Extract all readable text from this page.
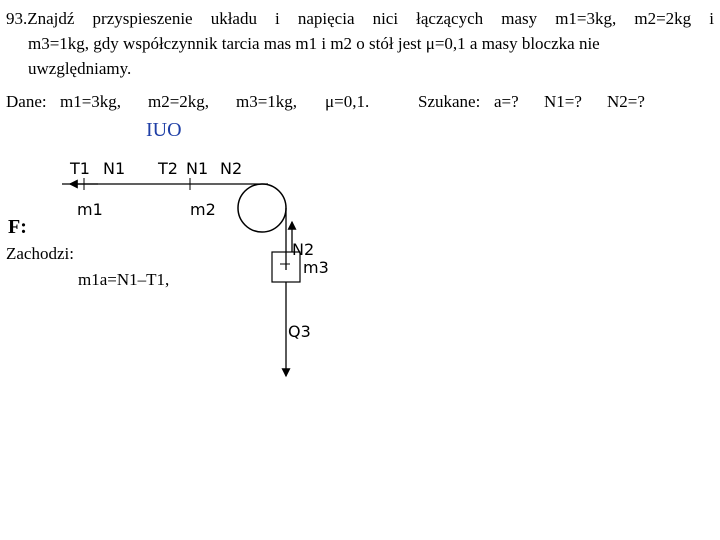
93.Znajdź przyspieszenie układu i napięcia nici łączących masy m1=3kg, m2=2kg i
m3=1kg, gdy współczynnik tarcia mas m1 i m2 o stół jest μ=0,1 a masy bloczka nie
uwzględniamy.
Dane: m1=3kg, m2=2kg, m3=1kg, μ=0,1.	Szukane: a=? N1=? N2=?
IUO
F:
T1 N1 T2 N1 N2
m1	m2
N2
m3
Q3
Zachodzi:
m1a=N1–T1,
